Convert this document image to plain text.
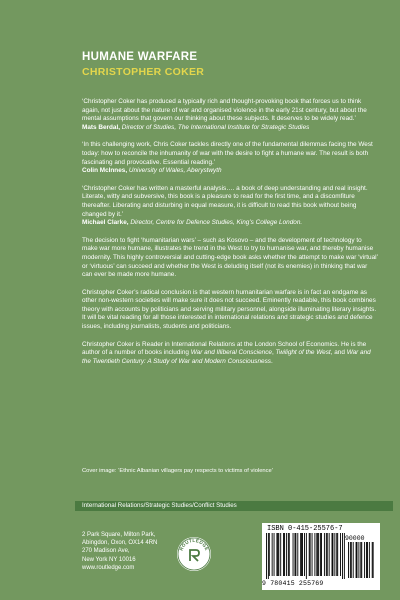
HUMANE WARFARE
CHRISTOPHER COKER

‘Christopher Coker has produced a typically rich and thought-provoking book that forces us to think again, not just about the nature of war and organised violence in the early 21st century, but about the mental assumptions that govern our thinking about these subjects. It deserves to be widely read.’
Mats Berdal, Director of Studies, The International Institute for Strategic Studies

‘In this challenging work, Chris Coker tackles directly one of the fundamental dilemmas facing the West today: how to reconcile the inhumanity of war with the desire to fight a humane war. The result is both fascinating and provocative. Essential reading.’
Colin McInnes, University of Wales, Aberystwyth

‘Christopher Coker has written a masterful analysis…. a book of deep understanding and real insight. Literate, witty and subversive, this book is a pleasure to read for the first time, and a discomfiture thereafter. Liberating and disturbing in equal measure, it is difficult to read this book without being changed by it.’
Michael Clarke, Director, Centre for Defence Studies, King’s College London.

The decision to fight ‘humanitarian wars’ – such as Kosovo – and the development of technology to make war more humane, illustrates the trend in the West to try to humanise war, and thereby humanise modernity. This highly controversial and cutting-edge book asks whether the attempt to make war ‘virtual’ or ‘virtuous’ can succeed and whether the West is deluding itself (not its enemies) in thinking that war can ever be made more humane.

Christopher Coker’s radical conclusion is that western humanitarian warfare is in fact an endgame as other non-western societies will make sure it does not succeed. Eminently readable, this book combines theory with accounts by politicians and serving military personnel, alongside illuminating literary insights. It will be vital reading for all those interested in international relations and strategic studies and defence issues, including journalists, students and politicians.

Christopher Coker is Reader in International Relations at the London School of Economics. He is the author of a number of books including War and Illiberal Conscience, Twilight of the West, and War and the Twentieth Century: A Study of War and Modern Consciousness.

Cover image: ‘Ethnic Albanian villagers pay respects to victims of violence’
International Relations/Strategic Studies/Conflict Studies
2 Park Square, Milton Park,
Abingdon, Oxon, OX14 4RN
270 Madison Ave,
New York NY 10016
www.routledge.com
ROUTLEDGE
ISBN 0-415-25576-7
90000
9 780415 255769
